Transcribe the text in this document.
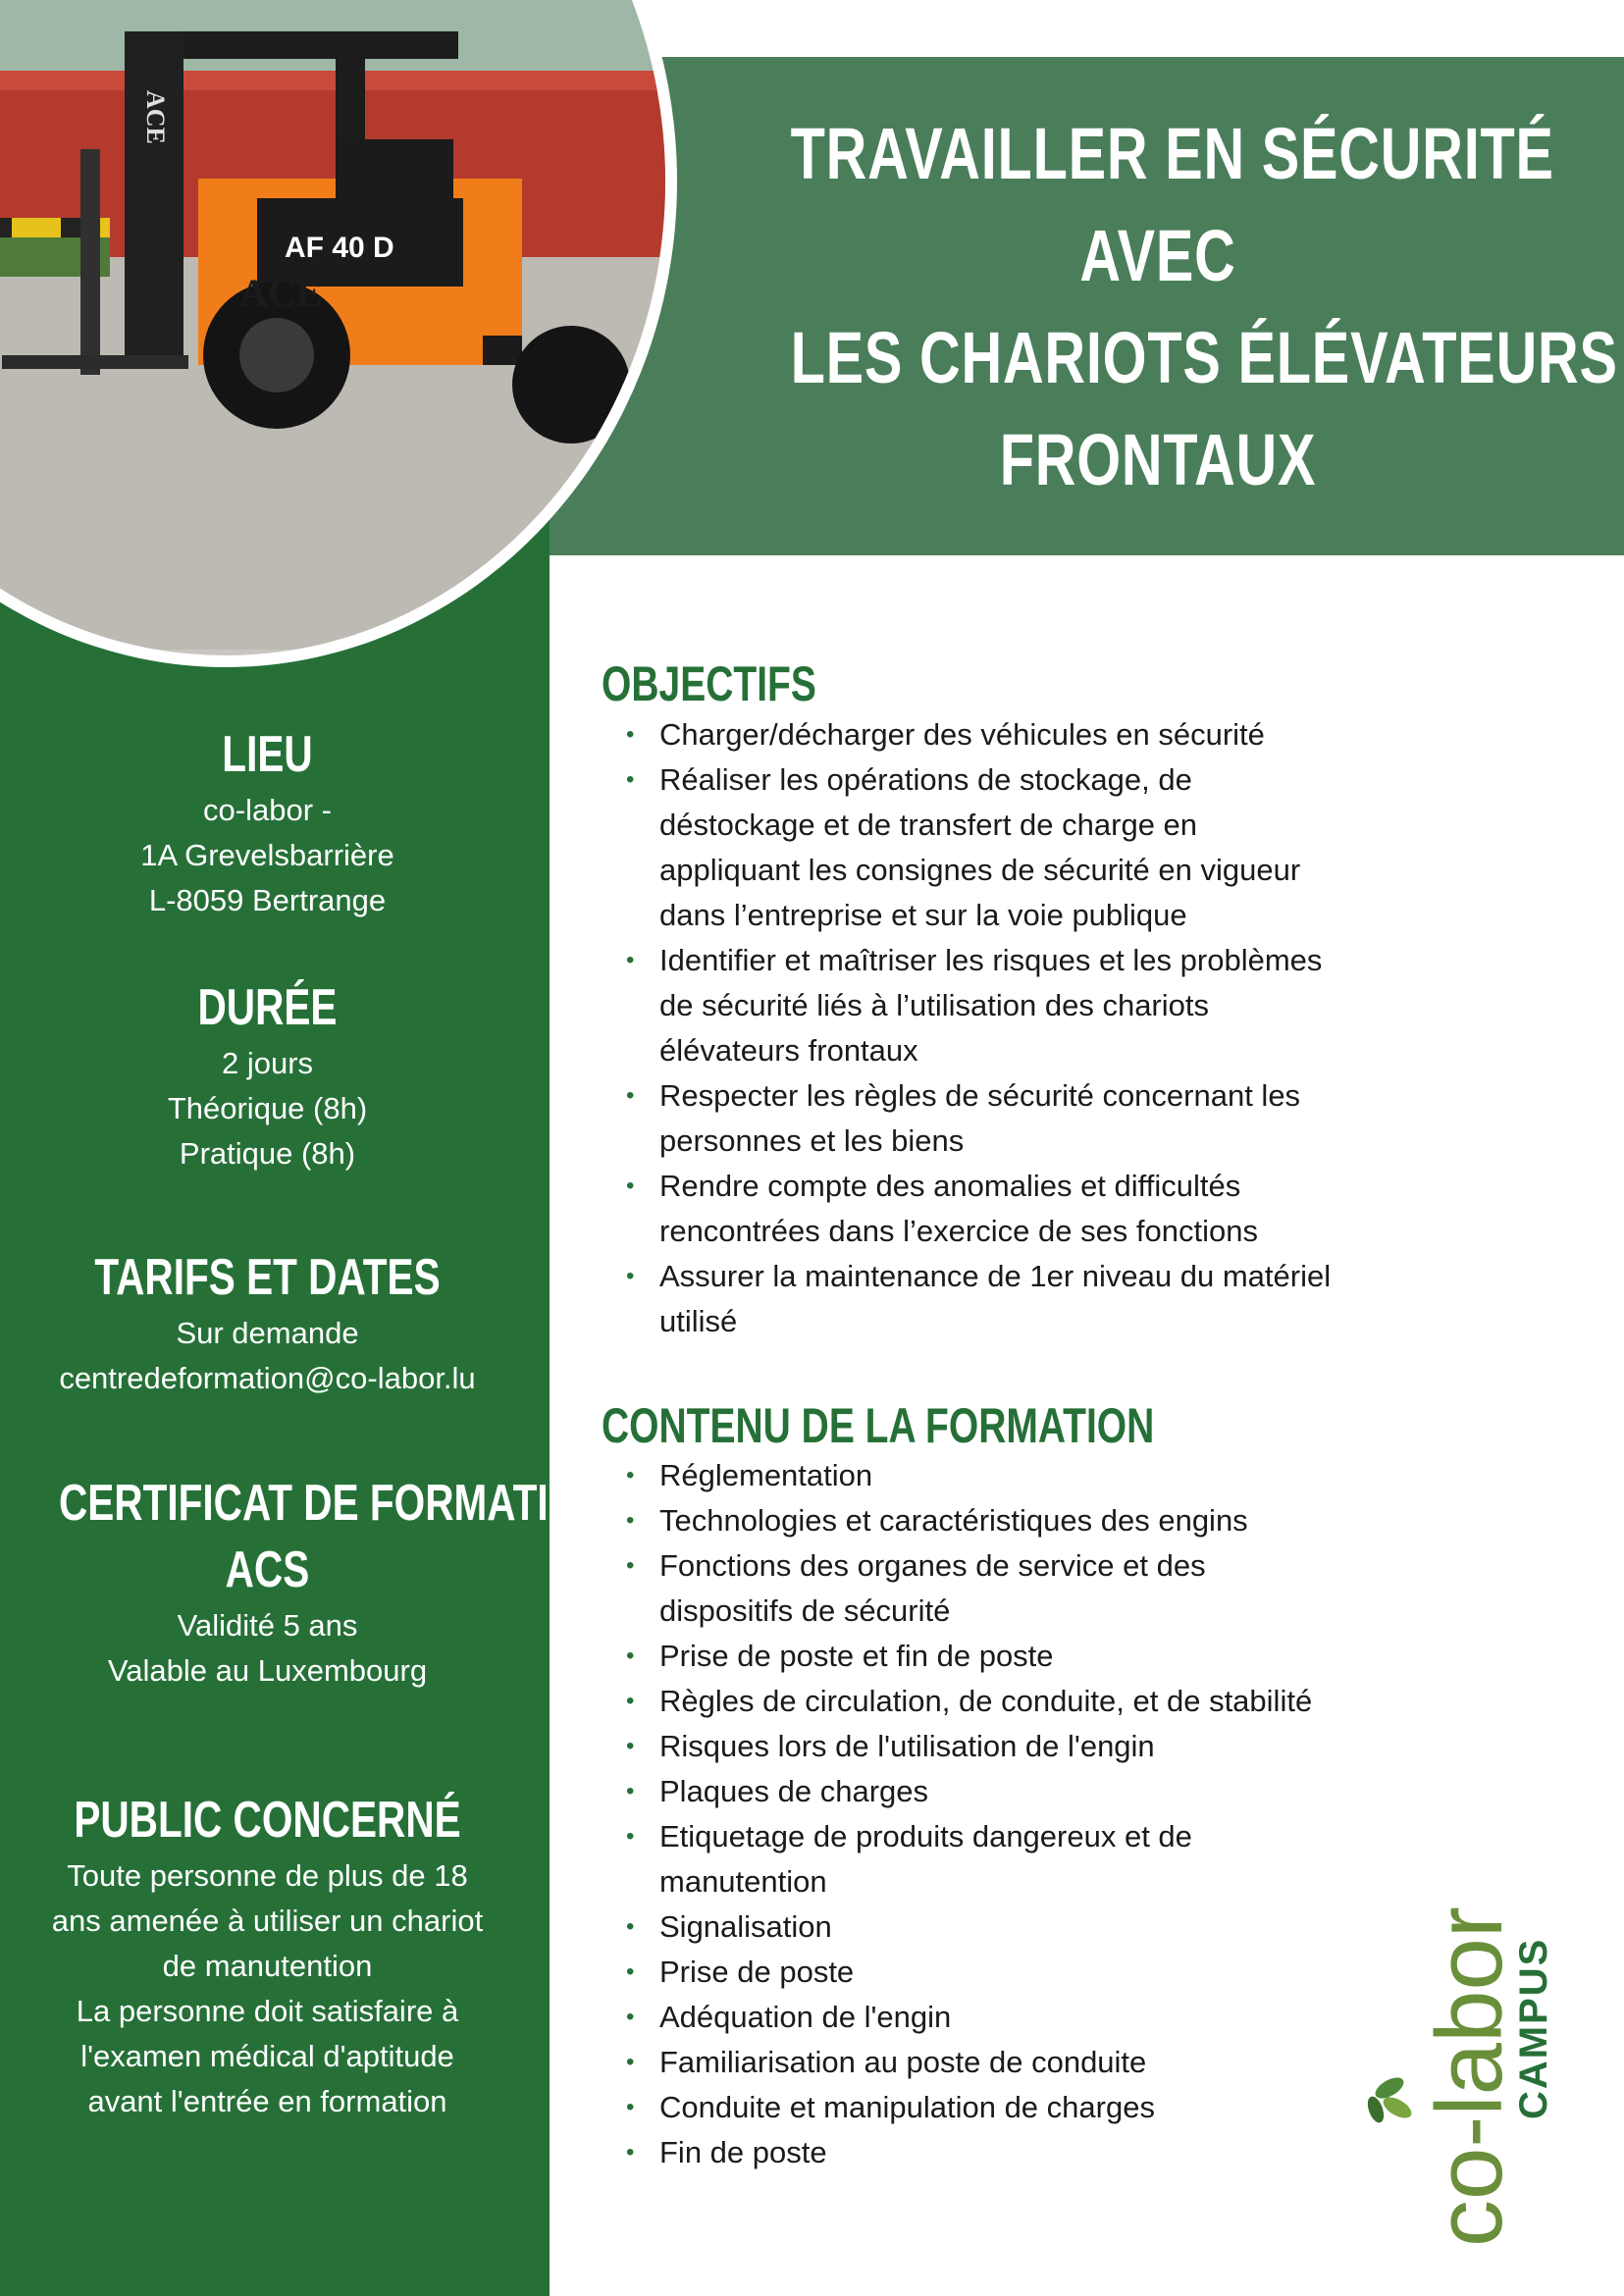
AF 40 D
ACE
ACE	TRAVAILLER EN SÉCURITÉ
AVEC
LES CHARIOTS ÉLÉVATEURS
FRONTAUX
LIEU
co-labor -
1A Grevelsbarrière
L-8059 Bertrange
DURÉE
2 jours
Théorique (8h)
Pratique (8h)
TARIFS ET DATES
Sur demande
centredeformation@co-labor.lu
CERTIFICAT DE FORMATION
ACS
Validité 5 ans
Valable au Luxembourg
PUBLIC CONCERNÉ
Toute personne de plus de 18
ans amenée à utiliser un chariot
de manutention
La personne doit satisfaire à
l'examen médical d'aptitude
avant l'entrée en formation
OBJECTIFS
• Charger/décharger des véhicules en sécurité
• Réaliser les opérations de stockage, de
déstockage et de transfert de charge en
appliquant les consignes de sécurité en vigueur
dans l’entreprise et sur la voie publique
• Identifier et maîtriser les risques et les problèmes
de sécurité liés à l’utilisation des chariots
élévateurs frontaux
• Respecter les règles de sécurité concernant les
personnes et les biens
• Rendre compte des anomalies et difficultés
rencontrées dans l’exercice de ses fonctions
• Assurer la maintenance de 1er niveau du matériel
utilisé
CONTENU DE LA FORMATION
• Réglementation
• Technologies et caractéristiques des engins
• Fonctions des organes de service et des
dispositifs de sécurité
• Prise de poste et fin de poste
• Règles de circulation, de conduite, et de stabilité
• Risques lors de l'utilisation de l'engin
• Plaques de charges
• Etiquetage de produits dangereux et de
manutention
• Signalisation
• Prise de poste
• Adéquation de l'engin
• Familiarisation au poste de conduite
• Conduite et manipulation de charges
• Fin de poste	co-labor
CAMPUS
